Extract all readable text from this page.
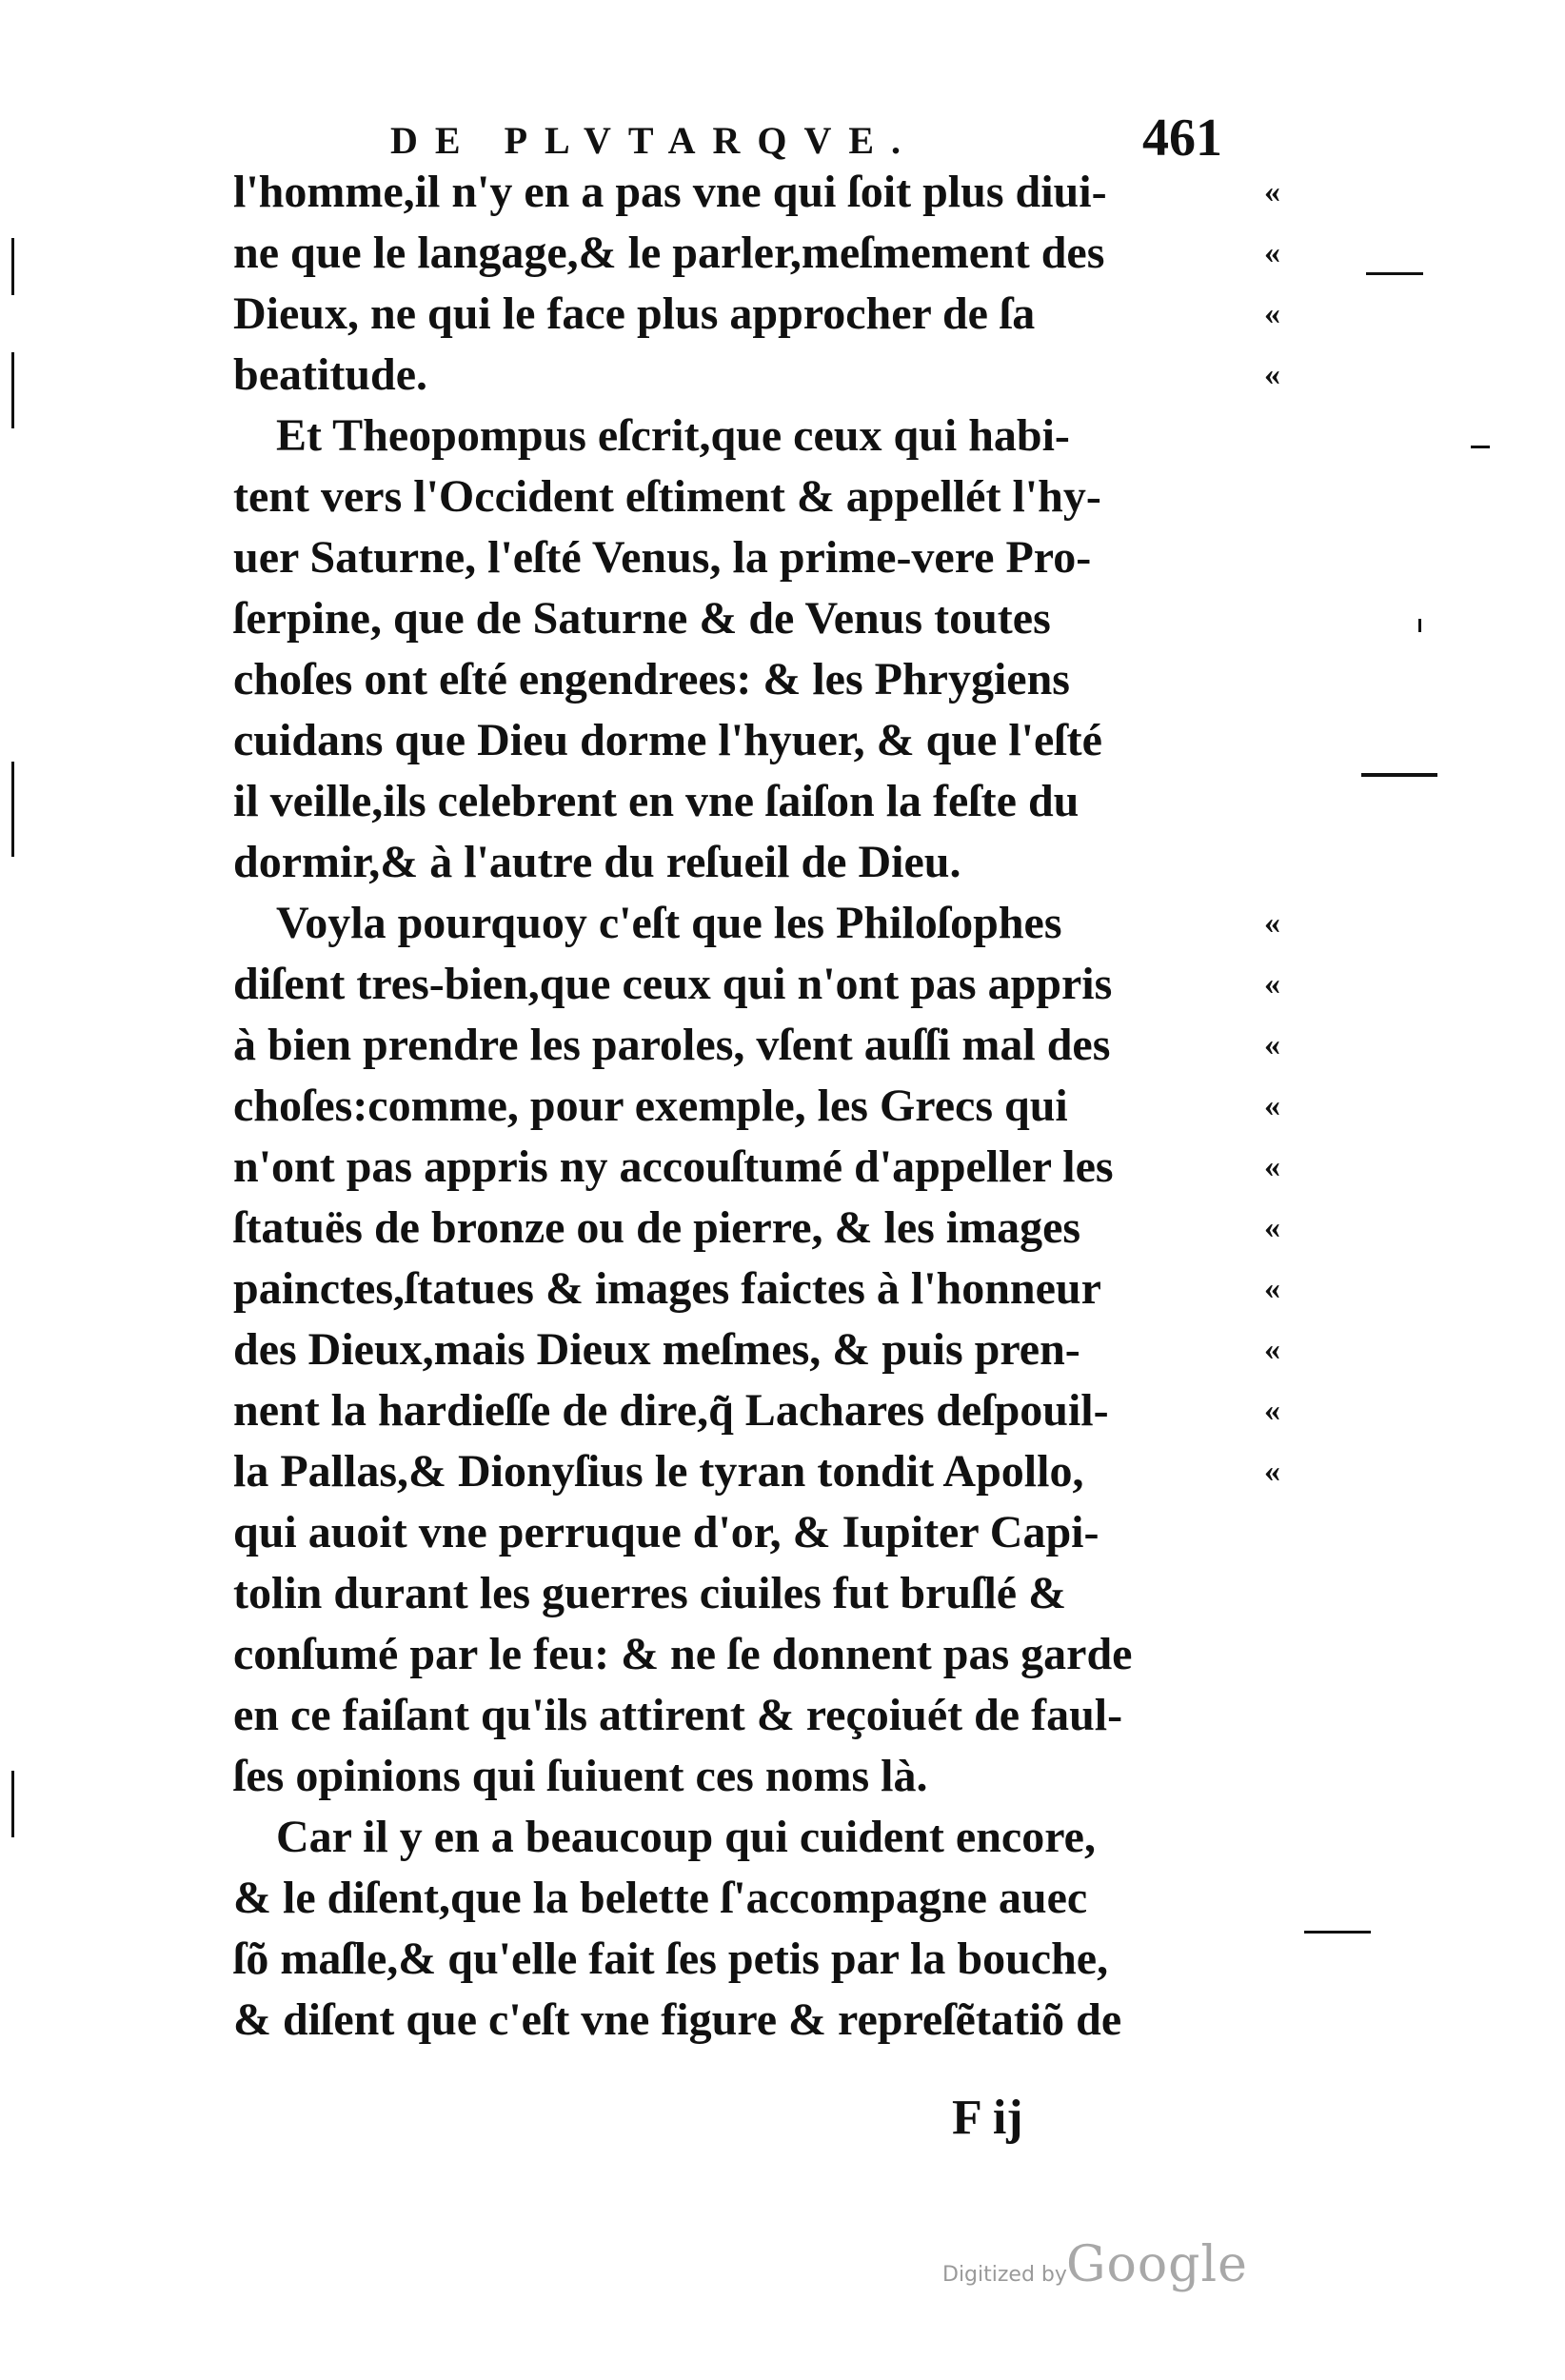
DE PLVTARQVE.	461
l'homme,il n'y en a pas vne qui ſoit plus diui-	«
ne que le langage,& le parler,meſmement des	«
Dieux, ne qui le face plus approcher de ſa	«
beatitude.	«
Et Theopompus eſcrit,que ceux qui habi-
tent vers l'Occident eſtiment & appellét l'hy-
uer Saturne, l'eſté Venus, la prime-vere Pro-
ſerpine, que de Saturne & de Venus toutes
choſes ont eſté engendrees: & les Phrygiens
cuidans que Dieu dorme l'hyuer, & que l'eſté
il veille,ils celebrent en vne ſaiſon la feſte du
dormir,& à l'autre du reſueil de Dieu.
Voyla pourquoy c'eſt que les Philoſophes	«
diſent tres-bien,que ceux qui n'ont pas appris	«
à bien prendre les paroles, vſent auſſi mal des	«
choſes:comme, pour exemple, les Grecs qui	«
n'ont pas appris ny accouſtumé d'appeller les	«
ſtatuës de bronze ou de pierre, & les images	«
painctes,ſtatues & images faictes à l'honneur	«
des Dieux,mais Dieux meſmes, & puis pren-	«
nent la hardieſſe de dire,q̃ Lachares deſpouil-	«
la Pallas,& Dionyſius le tyran tondit Apollo,	«
qui auoit vne perruque d'or, & Iupiter Capi-
tolin durant les guerres ciuiles fut bruſlé &
conſumé par le feu: & ne ſe donnent pas garde
en ce faiſant qu'ils attirent & reçoiuét de faul-
ſes opinions qui ſuiuent ces noms là.
Car il y en a beaucoup qui cuident encore,
& le diſent,que la belette ſ'accompagne auec
ſõ maſle,& qu'elle fait ſes petis par la bouche,
& diſent que c'eſt vne figure & repreſẽtatiõ de
F ij
Digitized by Google
